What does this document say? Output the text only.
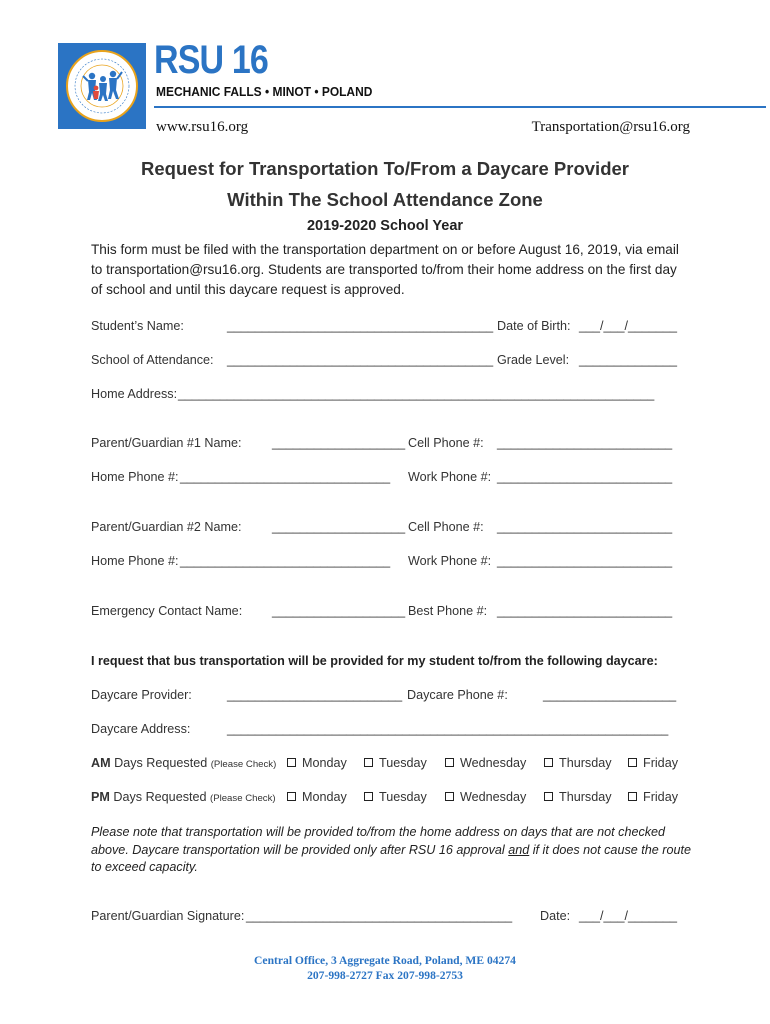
RSU 16
MECHANIC FALLS • MINOT • POLAND
www.rsu16.org	Transportation@rsu16.org
Request for Transportation To/From a Daycare Provider
Within The School Attendance Zone
2019-2020 School Year
This form must be filed with the transportation department on or before August 16, 2019, via email to transportation@rsu16.org. Students are transported to/from their home address on the first day of school and until this daycare request is approved.
Student’s Name:	______________________________________ Date of Birth: ___/___/_______
School of Attendance: ______________________________________ Grade Level: ______________
Home Address: ____________________________________________________________________
Parent/Guardian #1 Name: ___________________ Cell Phone #: _________________________
Home Phone #: ______________________________ Work Phone #: _________________________
Parent/Guardian #2 Name: ___________________ Cell Phone #: _________________________
Home Phone #: ______________________________ Work Phone #: _________________________
Emergency Contact Name: ___________________ Best Phone #: _________________________
I request that bus transportation will be provided for my student to/from the following daycare:
Daycare Provider:	_________________________ Daycare Phone #:	___________________
Daycare Address:	_______________________________________________________________
AM Days Requested (Please Check)	Monday	Tuesday	Wednesday	Thursday	Friday
PM Days Requested (Please Check)	Monday	Tuesday	Wednesday	Thursday	Friday
Please note that transportation will be provided to/from the home address on days that are not checked above. Daycare transportation will be provided only after RSU 16 approval and if it does not cause the route to exceed capacity.
Parent/Guardian Signature: ______________________________________ Date: ___/___/_______
Central Office, 3 Aggregate Road, Poland, ME 04274
207-998-2727 Fax 207-998-2753
